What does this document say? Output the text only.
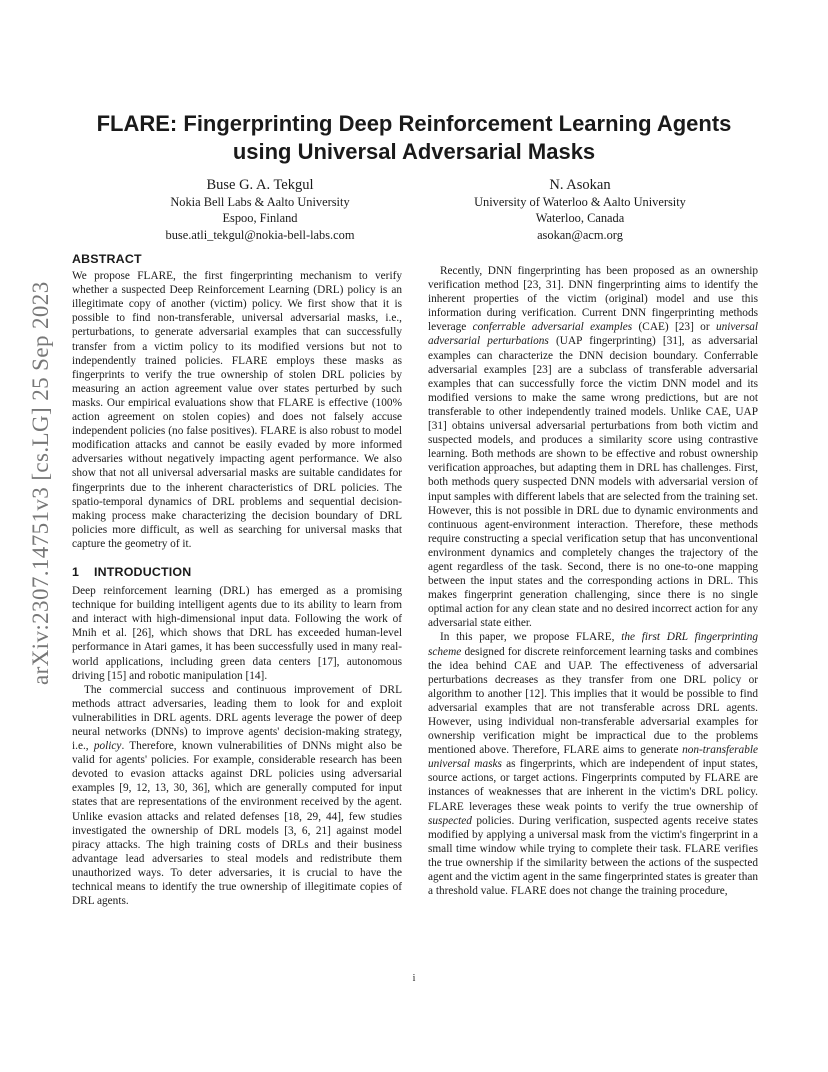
arXiv:2307.14751v3 [cs.LG] 25 Sep 2023
FLARE: Fingerprinting Deep Reinforcement Learning Agents
using Universal Adversarial Masks
Buse G. A. Tekgul
Nokia Bell Labs & Aalto University
Espoo, Finland
buse.atli_tekgul@nokia-bell-labs.com
N. Asokan
University of Waterloo & Aalto University
Waterloo, Canada
asokan@acm.org
ABSTRACT

We propose FLARE, the first fingerprinting mechanism to verify whether a suspected Deep Reinforcement Learning (DRL) policy is an illegitimate copy of another (victim) policy. We first show that it is possible to find non-transferable, universal adversarial masks, i.e., perturbations, to generate adversarial examples that can successfully transfer from a victim policy to its modified versions but not to independently trained policies. FLARE employs these masks as fingerprints to verify the true ownership of stolen DRL policies by measuring an action agreement value over states perturbed by such masks. Our empirical evaluations show that FLARE is effective (100% action agreement on stolen copies) and does not falsely accuse independent policies (no false positives). FLARE is also robust to model modification attacks and cannot be easily evaded by more informed adversaries without negatively impacting agent performance. We also show that not all universal adversarial masks are suitable candidates for fingerprints due to the inherent characteristics of DRL policies. The spatio-temporal dynamics of DRL problems and sequential decision-making process make characterizing the decision boundary of DRL policies more difficult, as well as searching for universal masks that capture the geometry of it.

1 INTRODUCTION

Deep reinforcement learning (DRL) has emerged as a promising technique for building intelligent agents due to its ability to learn from and interact with high-dimensional input data. Following the work of Mnih et al. [26], which shows that DRL has exceeded human-level performance in Atari games, it has been successfully used in many real-world applications, including green data centers [17], autonomous driving [15] and robotic manipulation [14].

The commercial success and continuous improvement of DRL methods attract adversaries, leading them to look for and exploit vulnerabilities in DRL agents. DRL agents leverage the power of deep neural networks (DNNs) to improve agents' decision-making strategy, i.e., policy. Therefore, known vulnerabilities of DNNs might also be valid for agents' policies. For example, considerable research has been devoted to evasion attacks against DRL policies using adversarial examples [9, 12, 13, 30, 36], which are generally computed for input states that are representations of the environment received by the agent. Unlike evasion attacks and related defenses [18, 29, 44], few studies investigated the ownership of DRL models [3, 6, 21] against model piracy attacks. The high training costs of DRLs and their business advantage lead adversaries to steal models and redistribute them unauthorized ways. To deter adversaries, it is crucial to have the technical means to identify the true ownership of illegitimate copies of DRL agents.

Recently, DNN fingerprinting has been proposed as an ownership verification method [23, 31]. DNN fingerprinting aims to identify the inherent properties of the victim (original) model and use this information during verification. Current DNN fingerprinting methods leverage conferrable adversarial examples (CAE) [23] or universal adversarial perturbations (UAP fingerprinting) [31], as adversarial examples can characterize the DNN decision boundary. Conferrable adversarial examples [23] are a subclass of transferable adversarial examples that can successfully force the victim DNN model and its modified versions to make the same wrong predictions, but are not transferable to other independently trained models. Unlike CAE, UAP [31] obtains universal adversarial perturbations from both victim and suspected models, and produces a similarity score using contrastive learning. Both methods are shown to be effective and robust ownership verification approaches, but adapting them in DRL has challenges. First, both methods query suspected DNN models with adversarial version of input samples with different labels that are selected from the training set. However, this is not possible in DRL due to dynamic environments and continuous agent-environment interaction. Therefore, these methods require constructing a special verification setup that has unconventional environment dynamics and completely changes the trajectory of the agent regardless of the task. Second, there is no one-to-one mapping between the input states and the corresponding actions in DRL. This makes fingerprint generation challenging, since there is no single optimal action for any clean state and no desired incorrect action for any adversarial state either.

In this paper, we propose FLARE, the first DRL fingerprinting scheme designed for discrete reinforcement learning tasks and combines the idea behind CAE and UAP. The effectiveness of adversarial perturbations decreases as they transfer from one DRL policy or algorithm to another [12]. This implies that it would be possible to find adversarial examples that are not transferable across DRL agents. However, using individual non-transferable adversarial examples for ownership verification might be impractical due to the problems mentioned above. Therefore, FLARE aims to generate non-transferable universal masks as fingerprints, which are independent of input states, source actions, or target actions. Fingerprints computed by FLARE are instances of weaknesses that are inherent in the victim's DRL policy. FLARE leverages these weak points to verify the true ownership of suspected policies. During verification, suspected agents receive states modified by applying a universal mask from the victim's fingerprint in a small time window while trying to complete their task. FLARE verifies the true ownership if the similarity between the actions of the suspected agent and the victim agent in the same fingerprinted states is greater than a threshold value. FLARE does not change the training procedure,

i
